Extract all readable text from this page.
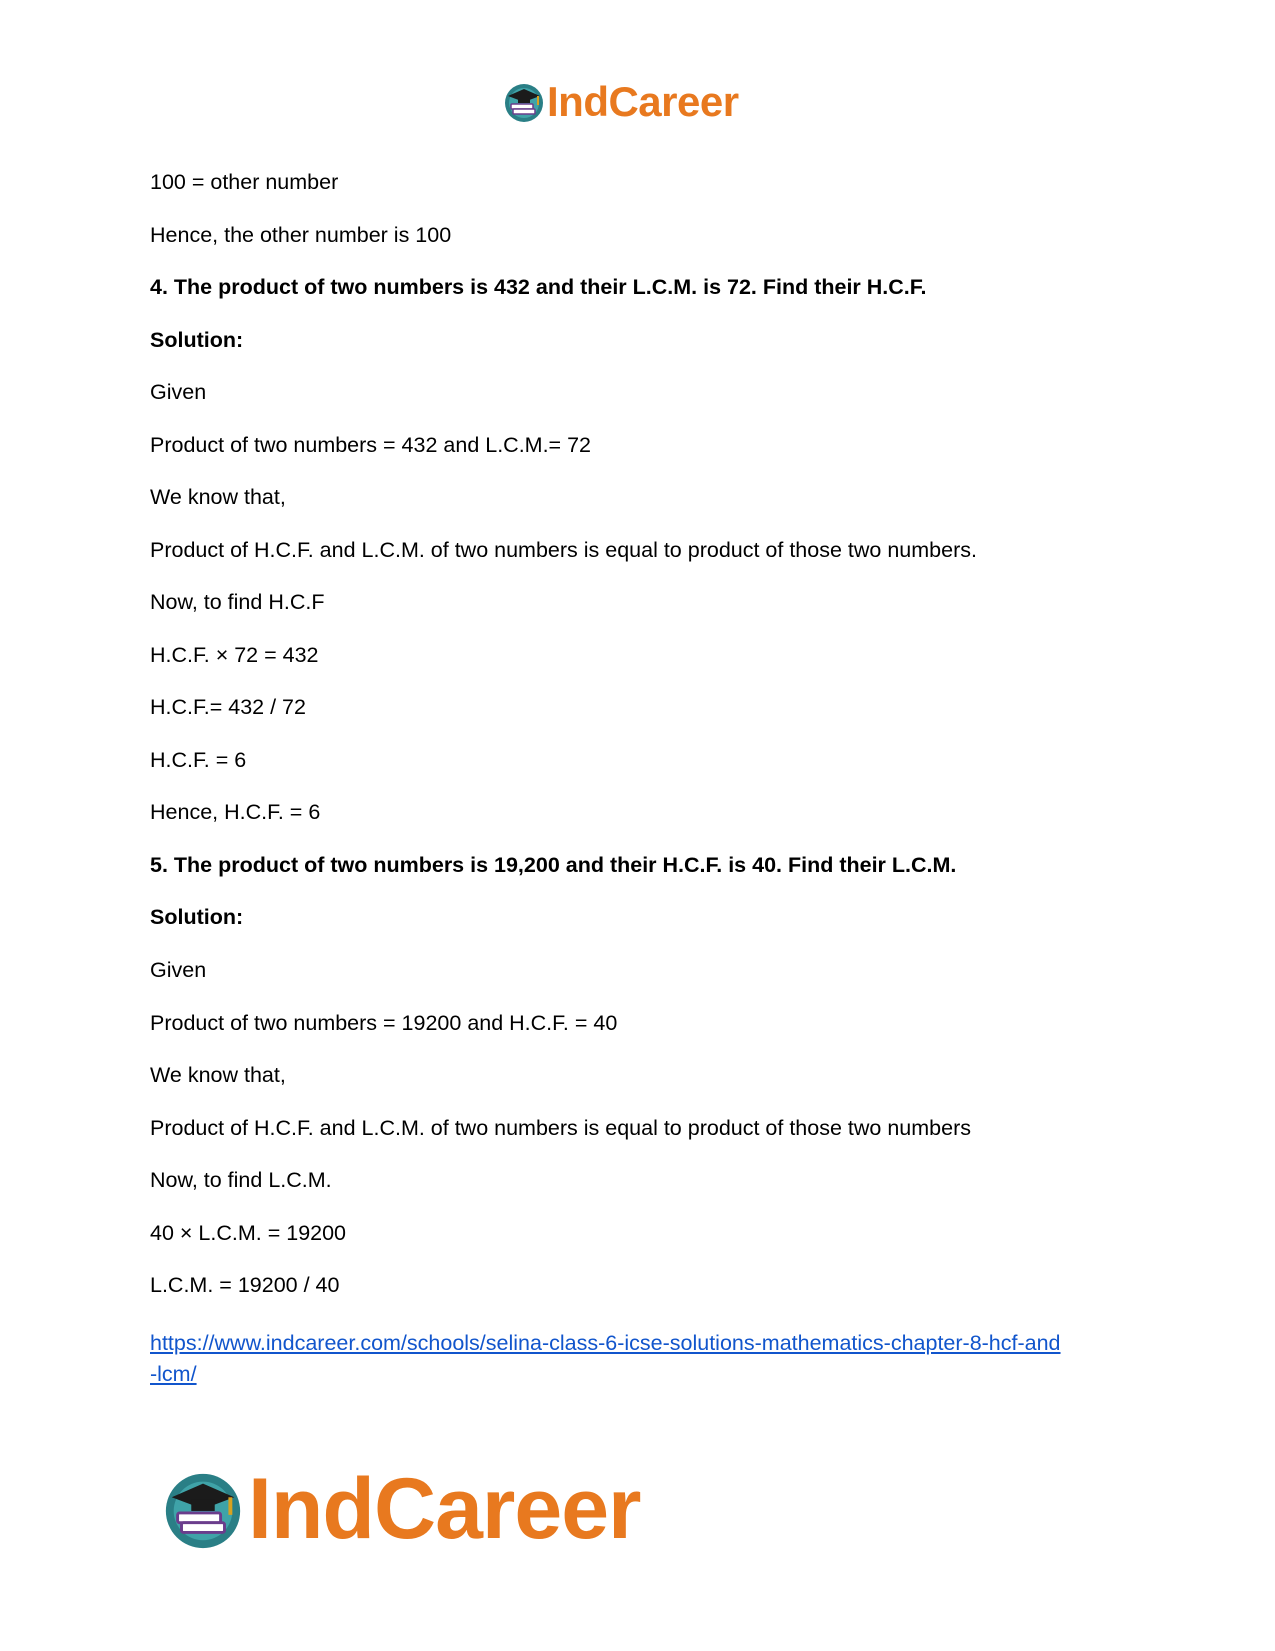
IndCareer
100 = other number
Hence, the other number is 100
4. The product of two numbers is 432 and their L.C.M. is 72. Find their H.C.F.
Solution:
Given
Product of two numbers = 432 and L.C.M.= 72
We know that,
Product of H.C.F. and L.C.M. of two numbers is equal to product of those two numbers.
Now, to find H.C.F
H.C.F. × 72 = 432
H.C.F.= 432 / 72
H.C.F. = 6
Hence, H.C.F. = 6
5. The product of two numbers is 19,200 and their H.C.F. is 40. Find their L.C.M.
Solution:
Given
Product of two numbers = 19200 and H.C.F. = 40
We know that,
Product of H.C.F. and L.C.M. of two numbers is equal to product of those two numbers
Now, to find L.C.M.
40 × L.C.M. = 19200
L.C.M. = 19200 / 40
https://www.indcareer.com/schools/selina-class-6-icse-solutions-mathematics-chapter-8-hcf-and
-lcm/
IndCareer
